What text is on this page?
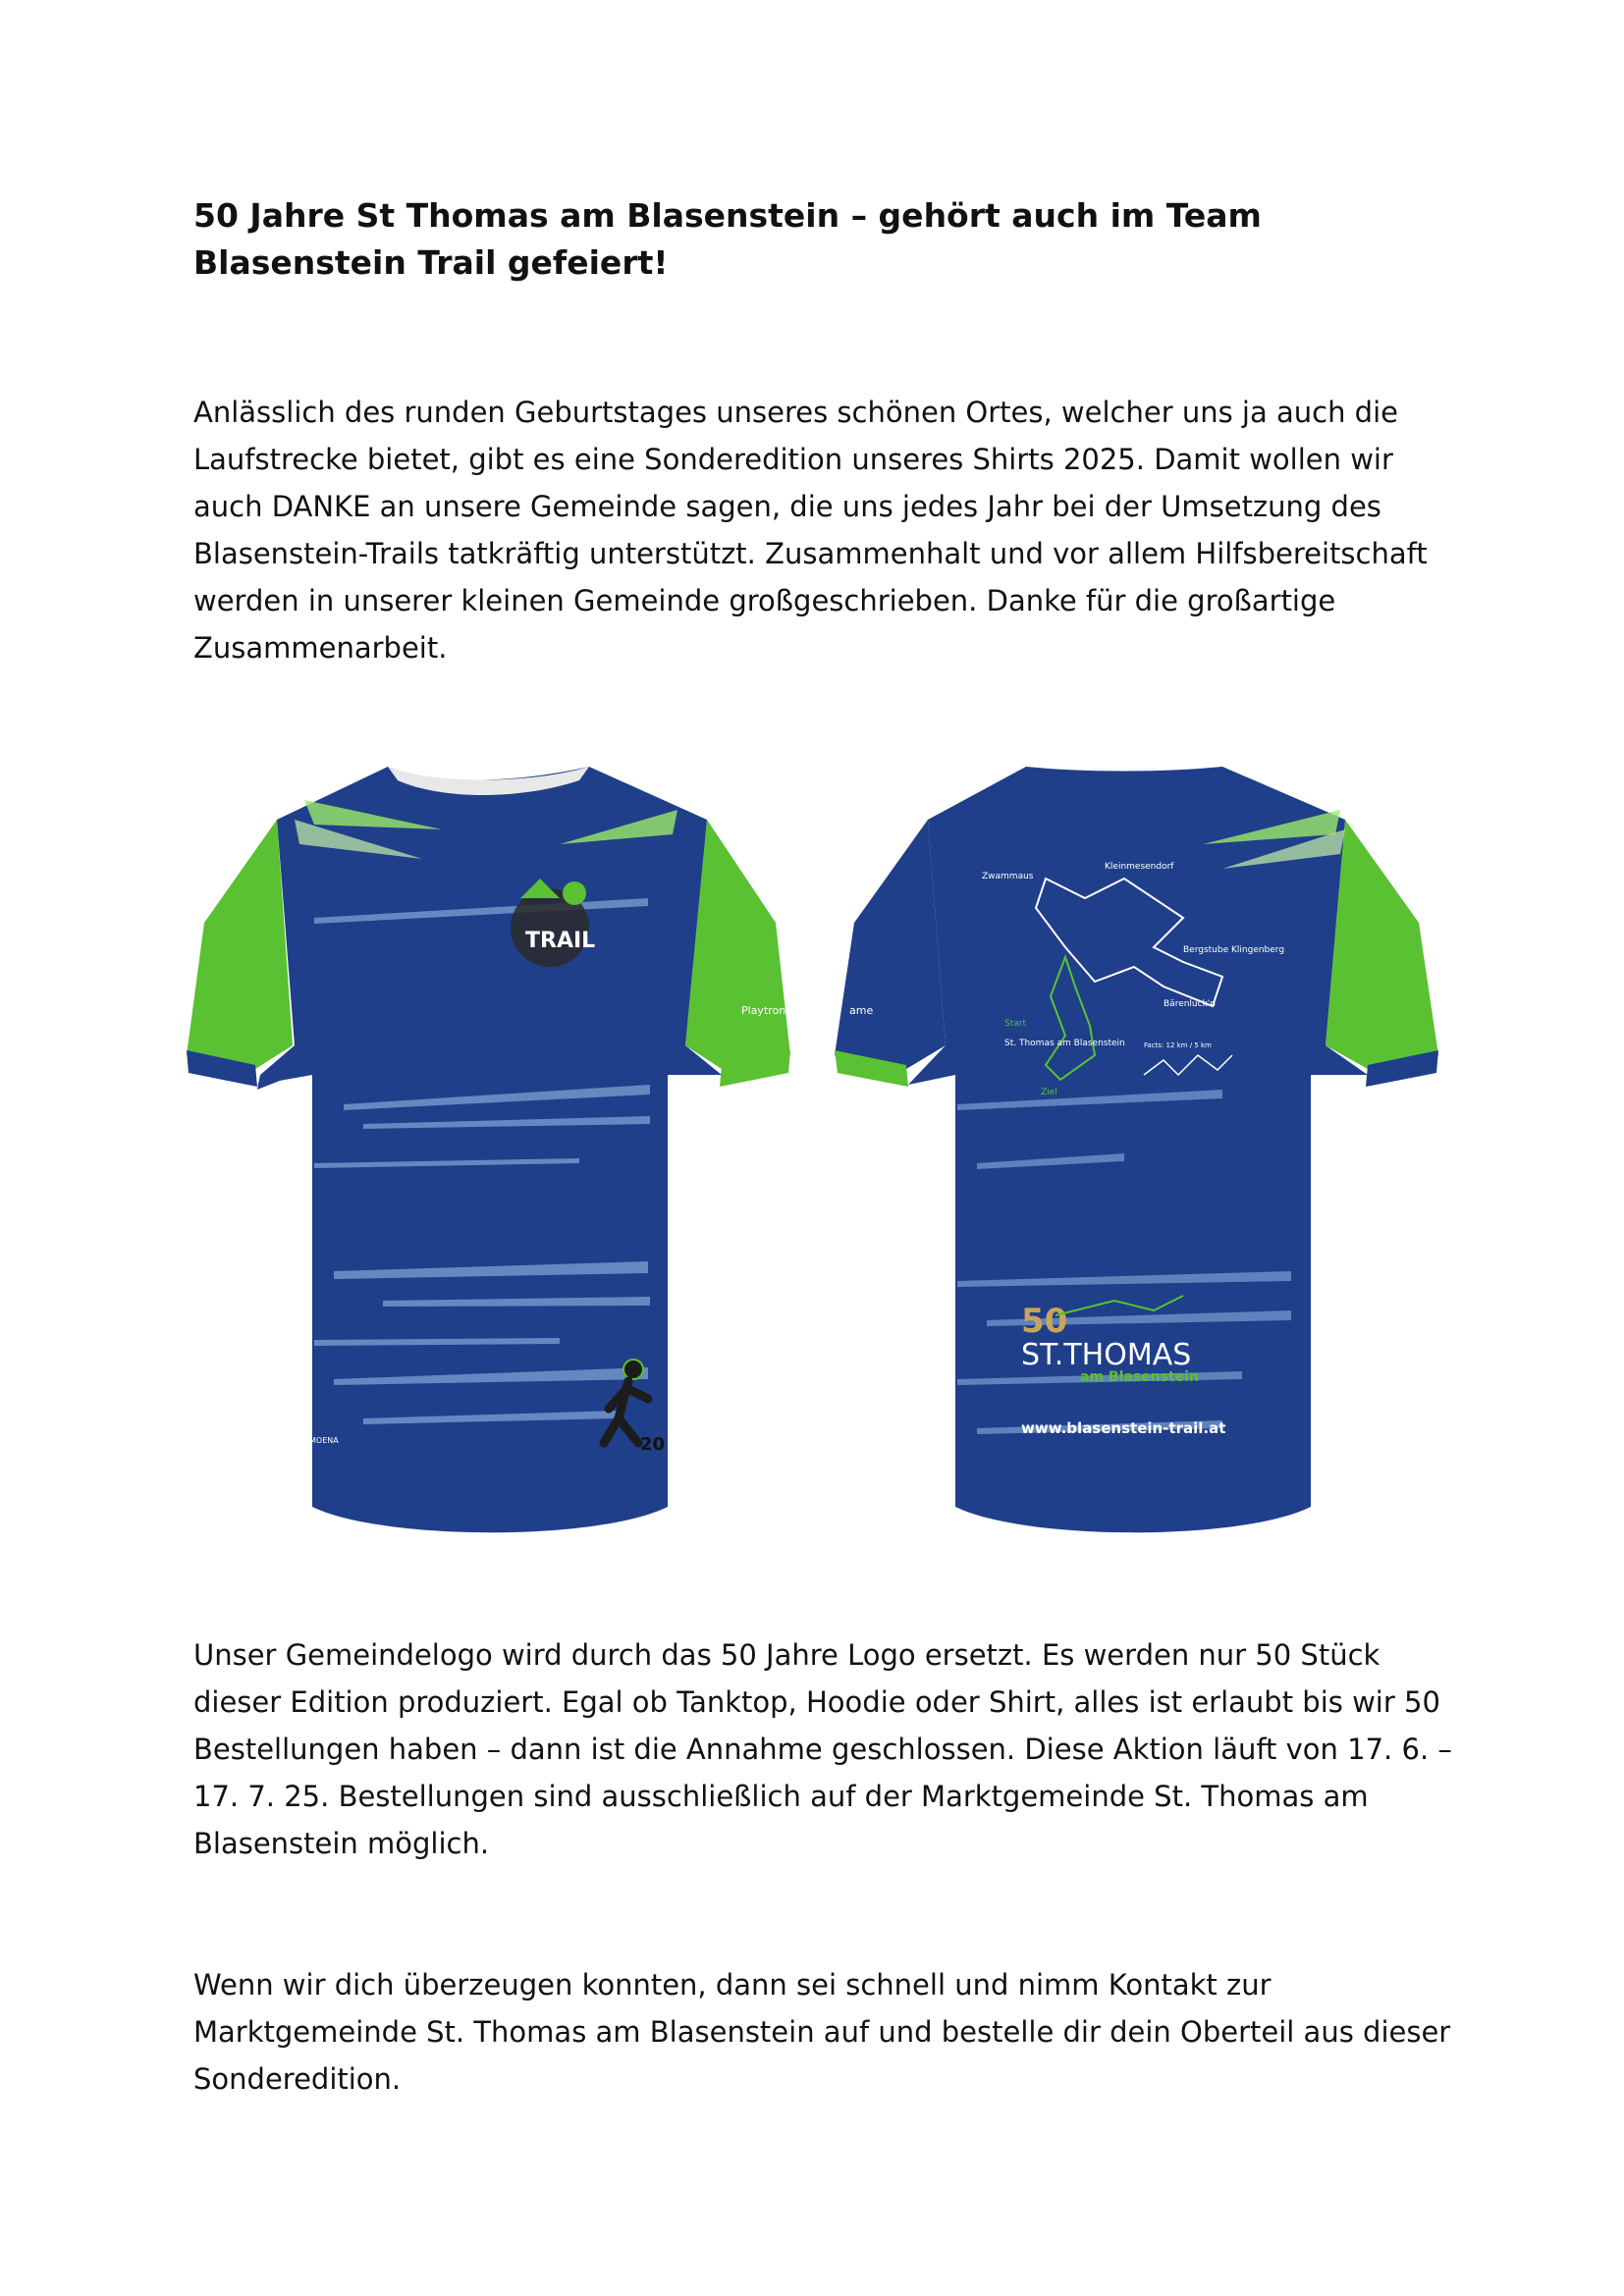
50 Jahre St Thomas am Blasenstein – gehört auch im Team Blasenstein Trail gefeiert!

Anlässlich des runden Geburtstages unseres schönen Ortes, welcher uns ja auch die Laufstrecke bietet, gibt es eine Sonderedition unseres Shirts 2025. Damit wollen wir auch DANKE an unsere Gemeinde sagen, die uns jedes Jahr bei der Umsetzung des Blasenstein-Trails tatkräftig unterstützt. Zusammenhalt und vor allem Hilfsbereitschaft werden in unserer kleinen Gemeinde großgeschrieben. Danke für die großartige Zusammenarbeit.

TRAIL
Playtron
20
MOENA
Zwammaus
Kleinmesendorf
Bergstube Klingenberg
Bärenluck'n
Start
St. Thomas am Blasenstein
Ziel
Facts: 12 km / 5 km
50
ST.THOMAS
am Blasenstein
www.blasenstein-trail.at
ame

Unser Gemeindelogo wird durch das 50 Jahre Logo ersetzt. Es werden nur 50 Stück dieser Edition produziert. Egal ob Tanktop, Hoodie oder Shirt, alles ist erlaubt bis wir 50 Bestellungen haben – dann ist die Annahme geschlossen. Diese Aktion läuft von 17. 6. – 17. 7. 25. Bestellungen sind ausschließlich auf der Marktgemeinde St. Thomas am Blasenstein möglich.

Wenn wir dich überzeugen konnten, dann sei schnell und nimm Kontakt zur Marktgemeinde St. Thomas am Blasenstein auf und bestelle dir dein Oberteil aus dieser Sonderedition.
